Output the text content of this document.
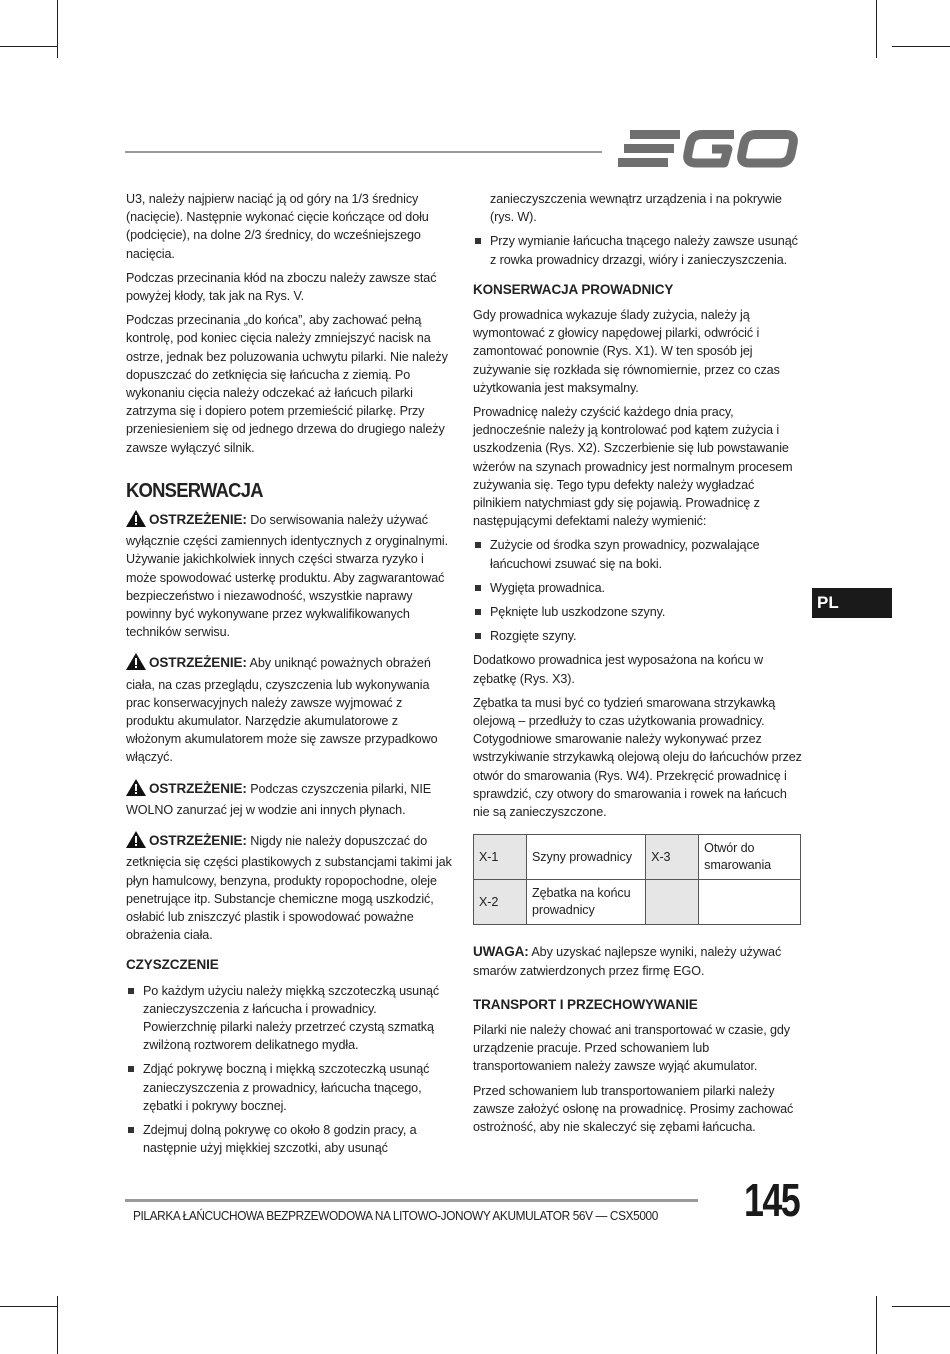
U3, należy najpierw naciąć ją od góry na 1/3 średnicy (nacięcie). Następnie wykonać cięcie kończące od dołu (podcięcie), na dolne 2/3 średnicy, do wcześniejszego nacięcia.

Podczas przecinania kłód na zboczu należy zawsze stać powyżej kłody, tak jak na Rys. V.

Podczas przecinania „do końca”, aby zachować pełną kontrolę, pod koniec cięcia należy zmniejszyć nacisk na ostrze, jednak bez poluzowania uchwytu pilarki. Nie należy dopuszczać do zetknięcia się łańcucha z ziemią. Po wykonaniu cięcia należy odczekać aż łańcuch pilarki zatrzyma się i dopiero potem przemieścić pilarkę. Przy przeniesieniem się od jednego drzewa do drugiego należy zawsze wyłączyć silnik.

KONSERWACJA
OSTRZEŻENIE: Do serwisowania należy używać wyłącznie części zamiennych identycznych z oryginalnymi. Używanie jakichkolwiek innych części stwarza ryzyko i może spowodować usterkę produktu. Aby zagwarantować bezpieczeństwo i niezawodność, wszystkie naprawy powinny być wykonywane przez wykwalifikowanych techników serwisu.
OSTRZEŻENIE: Aby uniknąć poważnych obrażeń ciała, na czas przeglądu, czyszczenia lub wykonywania prac konserwacyjnych należy zawsze wyjmować z produktu akumulator. Narzędzie akumulatorowe z włożonym akumulatorem może się zawsze przypadkowo włączyć.
OSTRZEŻENIE: Podczas czyszczenia pilarki, NIE WOLNO zanurzać jej w wodzie ani innych płynach.
OSTRZEŻENIE: Nigdy nie należy dopuszczać do zetknięcia się części plastikowych z substancjami takimi jak płyn hamulcowy, benzyna, produkty ropopochodne, oleje penetrujące itp. Substancje chemiczne mogą uszkodzić, osłabić lub zniszczyć plastik i spowodować poważne obrażenia ciała.
CZYSZCZENIE
Po każdym użyciu należy miękką szczoteczką usunąć zanieczyszczenia z łańcucha i prowadnicy. Powierzchnię pilarki należy przetrzeć czystą szmatką zwilżoną roztworem delikatnego mydła.
Zdjąć pokrywę boczną i miękką szczoteczką usunąć zanieczyszczenia z prowadnicy, łańcucha tnącego, zębatki i pokrywy bocznej.
Zdejmuj dolną pokrywę co około 8 godzin pracy, a następnie użyj miękkiej szczotki, aby usunąć

zanieczyszczenia wewnątrz urządzenia i na pokrywie (rys. W).

Przy wymianie łańcucha tnącego należy zawsze usunąć z rowka prowadnicy drzazgi, wióry i zanieczyszczenia.
KONSERWACJA PROWADNICY

Gdy prowadnica wykazuje ślady zużycia, należy ją wymontować z głowicy napędowej pilarki, odwrócić i zamontować ponownie (Rys. X1). W ten sposób jej zużywanie się rozkłada się równomiernie, przez co czas użytkowania jest maksymalny.

Prowadnicę należy czyścić każdego dnia pracy, jednocześnie należy ją kontrolować pod kątem zużycia i uszkodzenia (Rys. X2). Szczerbienie się lub powstawanie wżerów na szynach prowadnicy jest normalnym procesem zużywania się. Tego typu defekty należy wygładzać pilnikiem natychmiast gdy się pojawią. Prowadnicę z następującymi defektami należy wymienić:

Zużycie od środka szyn prowadnicy, pozwalające łańcuchowi zsuwać się na boki.
Wygięta prowadnica.
Pęknięte lub uszkodzone szyny.
Rozgięte szyny.

Dodatkowo prowadnica jest wyposażona na końcu w zębatkę (Rys. X3).

Zębatka ta musi być co tydzień smarowana strzykawką olejową – przedłuży to czas użytkowania prowadnicy. Cotygodniowe smarowanie należy wykonywać przez wstrzykiwanie strzykawką olejową oleju do łańcuchów przez otwór do smarowania (Rys. W4). Przekręcić prowadnicę i sprawdzić, czy otwory do smarowania i rowek na łańcuch nie są zanieczyszczone.

X-1	Szyny prowadnicy	X-3	Otwór do smarowania
X-2	Zębatka na końcu prowadnicy		

UWAGA: Aby uzyskać najlepsze wyniki, należy używać smarów zatwierdzonych przez firmę EGO.

TRANSPORT I PRZECHOWYWANIE

Pilarki nie należy chować ani transportować w czasie, gdy urządzenie pracuje. Przed schowaniem lub transportowaniem należy zawsze wyjąć akumulator.

Przed schowaniem lub transportowaniem pilarki należy zawsze założyć osłonę na prowadnicę. Prosimy zachować ostrożność, aby nie skaleczyć się zębami łańcucha.

PL
PILARKA ŁAŃCUCHOWA BEZPRZEWODOWA NA LITOWO-JONOWY AKUMULATOR 56V — CSX5000 145
